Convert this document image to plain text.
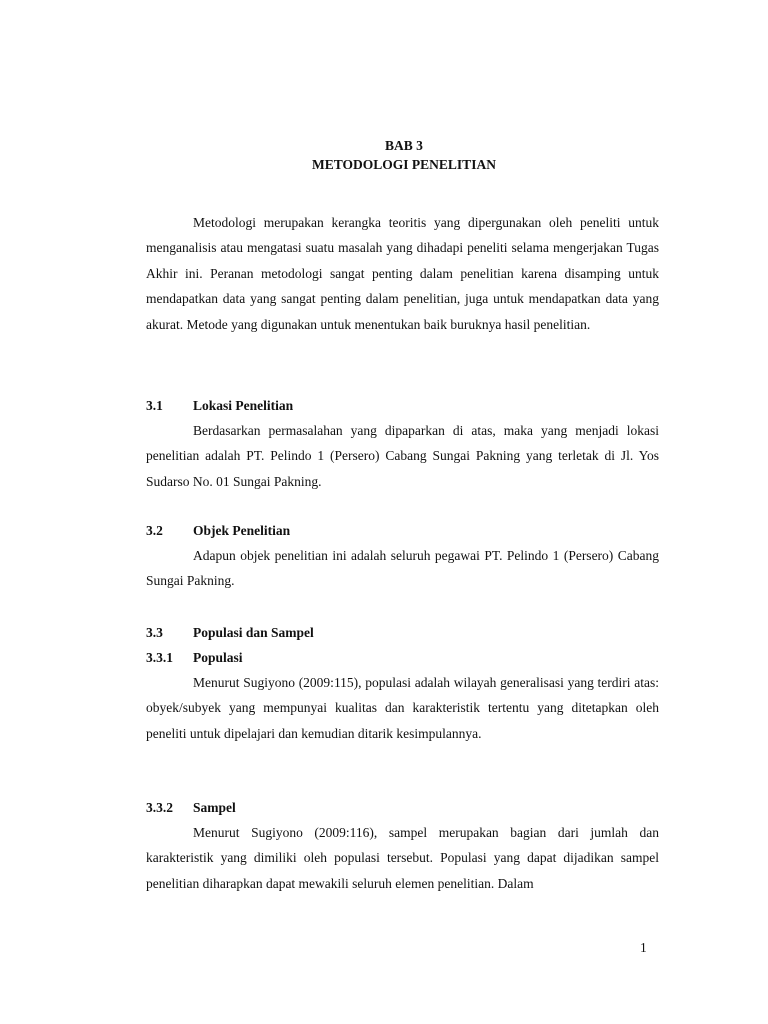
BAB 3
METODOLOGI PENELITIAN

Metodologi merupakan kerangka teoritis yang dipergunakan oleh peneliti untuk menganalisis atau mengatasi suatu masalah yang dihadapi peneliti selama mengerjakan Tugas Akhir ini. Peranan metodologi sangat penting dalam penelitian karena disamping untuk mendapatkan data yang sangat penting dalam penelitian, juga untuk mendapatkan data yang akurat. Metode yang digunakan untuk menentukan baik buruknya hasil penelitian.

3.1 Lokasi Penelitian

Berdasarkan permasalahan yang dipaparkan di atas, maka yang menjadi lokasi penelitian adalah PT. Pelindo 1 (Persero) Cabang Sungai Pakning yang terletak di Jl. Yos Sudarso No. 01 Sungai Pakning.

3.2 Objek Penelitian

Adapun objek penelitian ini adalah seluruh pegawai PT. Pelindo 1 (Persero) Cabang Sungai Pakning.

3.3 Populasi dan Sampel
3.3.1 Populasi

Menurut Sugiyono (2009:115), populasi adalah wilayah generalisasi yang terdiri atas: obyek/subyek yang mempunyai kualitas dan karakteristik tertentu yang ditetapkan oleh peneliti untuk dipelajari dan kemudian ditarik kesimpulannya.

3.3.2 Sampel

Menurut Sugiyono (2009:116), sampel merupakan bagian dari jumlah dan karakteristik yang dimiliki oleh populasi tersebut. Populasi yang dapat dijadikan sampel penelitian diharapkan dapat mewakili seluruh elemen penelitian. Dalam

1
